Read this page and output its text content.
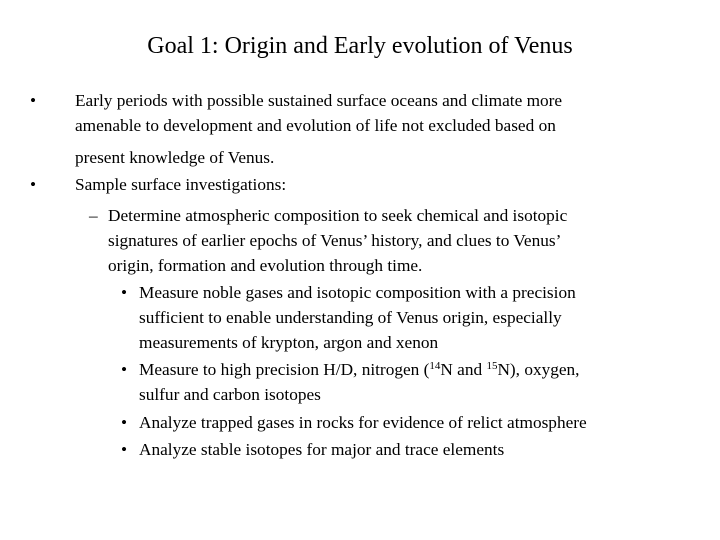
Goal 1: Origin and Early evolution of Venus
• Early periods with possible sustained surface oceans and climate more
amenable to development and evolution of life not excluded based on
present knowledge of Venus.
• Sample surface investigations:
– Determine atmospheric composition to seek chemical and isotopic
signatures of earlier epochs of Venus’ history, and clues to Venus’
origin, formation and evolution through time.
• Measure noble gases and isotopic composition with a precision
sufficient to enable understanding of Venus origin, especially
measurements of krypton, argon and xenon
• Measure to high precision H/D, nitrogen ($^{14}$N and $^{15}$N), oxygen,
sulfur and carbon isotopes
• Analyze trapped gases in rocks for evidence of relict atmosphere
• Analyze stable isotopes for major and trace elements
